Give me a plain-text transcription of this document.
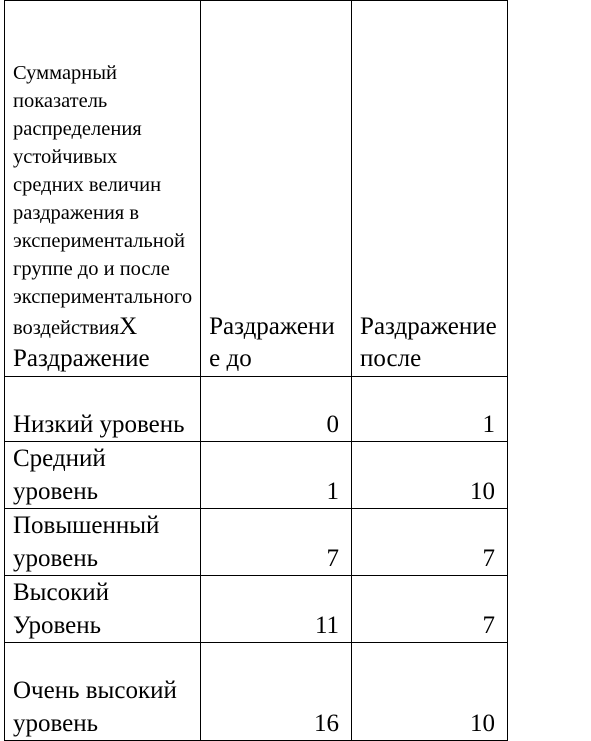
Суммарный показатель распределения устойчивых средних величин раздражения в экспериментальной группе до и после экспериментального воздействияХ Раздражение	Раздражение до	Раздражение после
Низкий уровень	0	1
Средний уровень	1	10
Повышенный уровень	7	7
Высокий Уровень	11	7
Очень высокий уровень	16	10
